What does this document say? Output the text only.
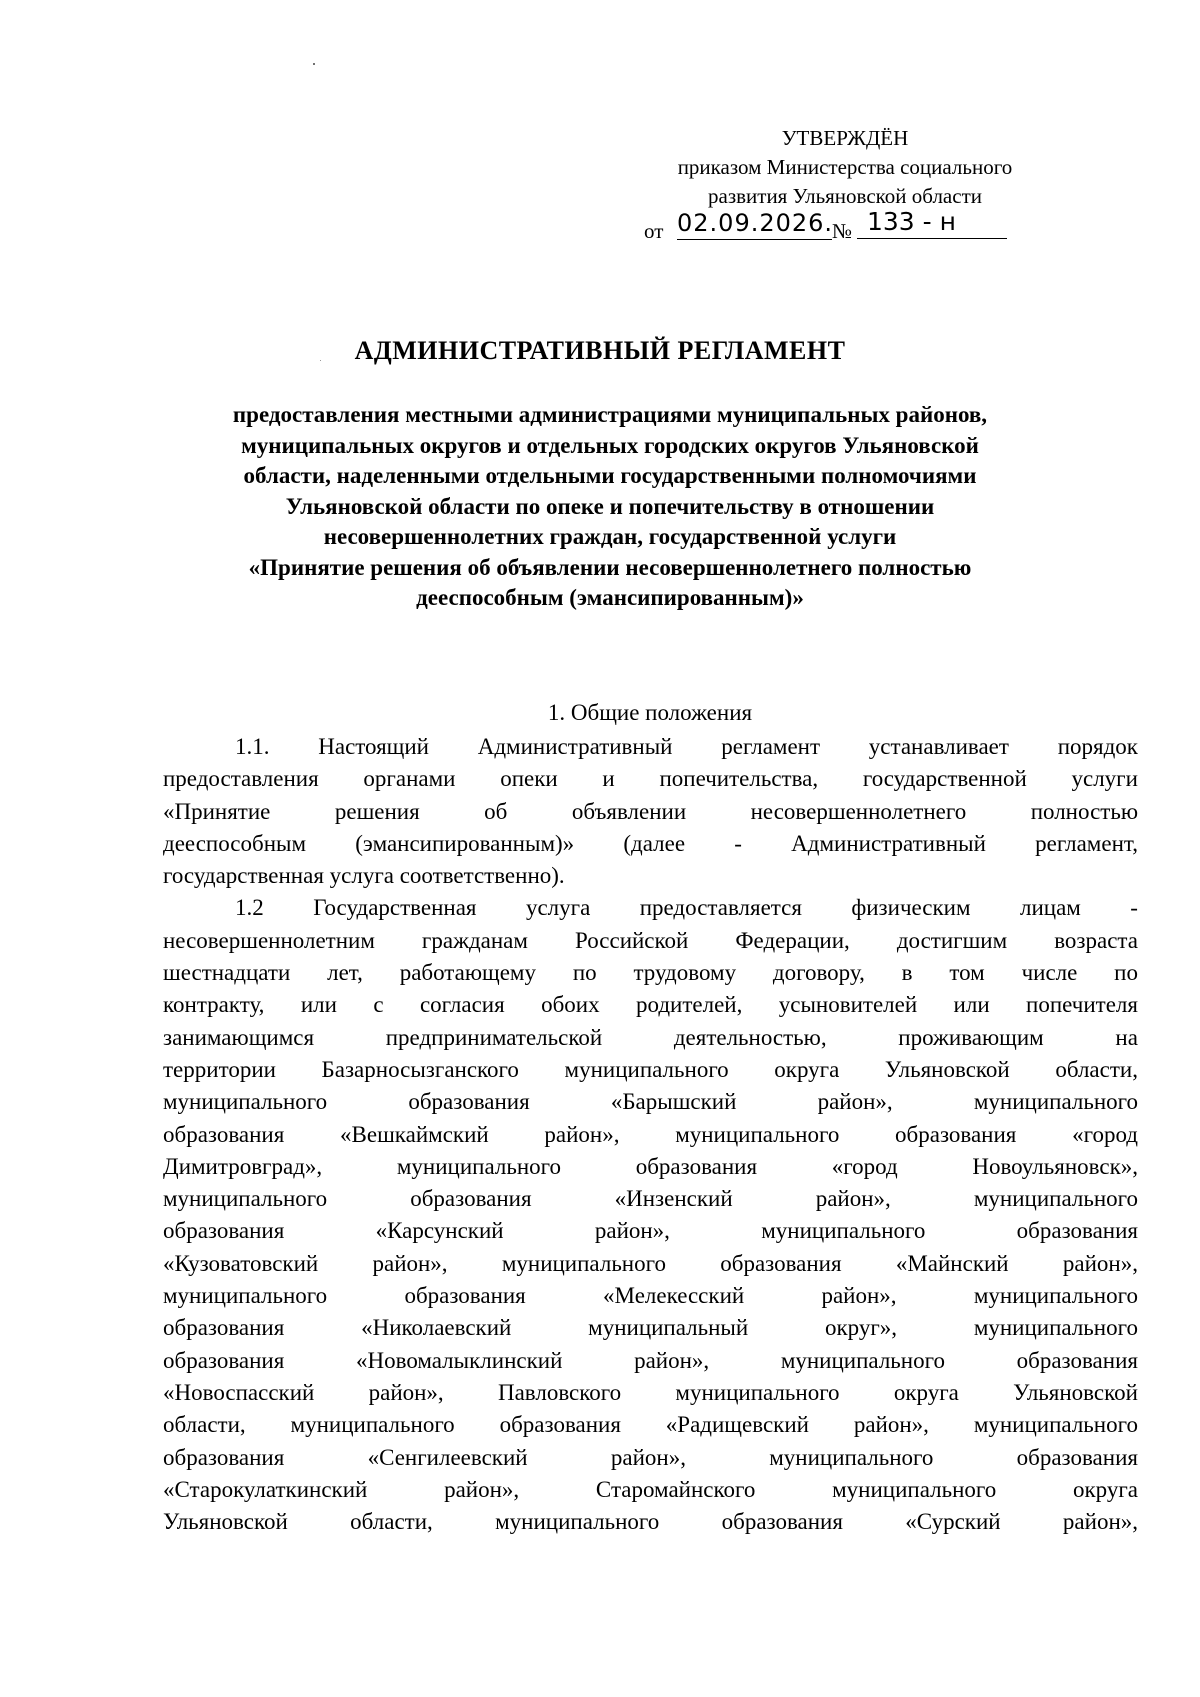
УТВЕРЖДЁН
приказом Министерства социального
развития Ульяновской области
от 02.09.2026.
№ 133 - н
АДМИНИСТРАТИВНЫЙ РЕГЛАМЕНТ
предоставления местными администрациями муниципальных районов,
муниципальных округов и отдельных городских округов Ульяновской
области, наделенными отдельными государственными полномочиями
Ульяновской области по опеке и попечительству в отношении
несовершеннолетних граждан, государственной услуги
«Принятие решения об объявлении несовершеннолетнего полностью
дееспособным (эмансипированным)»
1. Общие положения
1.1. Настоящий Административный регламент устанавливает порядок
предоставления органами опеки и попечительства, государственной услуги
«Принятие	решения	об	объявлении	несовершеннолетнего	полностью
дееспособным (эмансипированным)» (далее - Административный регламент,
государственная услуга соответственно).
1.2 Государственная услуга предоставляется физическим лицам -
несовершеннолетним гражданам Российской Федерации, достигшим возраста
шестнадцати лет, работающему по трудовому договору, в том числе по
контракту, или с согласия обоих родителей, усыновителей или попечителя
занимающимся	предпринимательской	деятельностью,	проживающим	на
территории Базарносызганского муниципального округа Ульяновской области,
муниципального	образования	«Барышский	район»,	муниципального
образования «Вешкаймский район», муниципального образования «город
Димитровград»,	муниципального	образования	«город	Новоульяновск»,
муниципального	образования	«Инзенский	район»,	муниципального
образования	«Карсунский	район»,	муниципального	образования
«Кузоватовский район», муниципального образования «Майнский район»,
муниципального	образования	«Мелекесский	район»,	муниципального
образования	«Николаевский	муниципальный	округ»,	муниципального
образования	«Новомалыклинский	район»,	муниципального	образования
«Новоспасский район», Павловского муниципального округа Ульяновской
области, муниципального образования «Радищевский район», муниципального
образования	«Сенгилеевский	район»,	муниципального	образования
«Старокулаткинский	район»,	Старомайнского	муниципального	округа
Ульяновской	области,	муниципального	образования	«Сурский	район»,
